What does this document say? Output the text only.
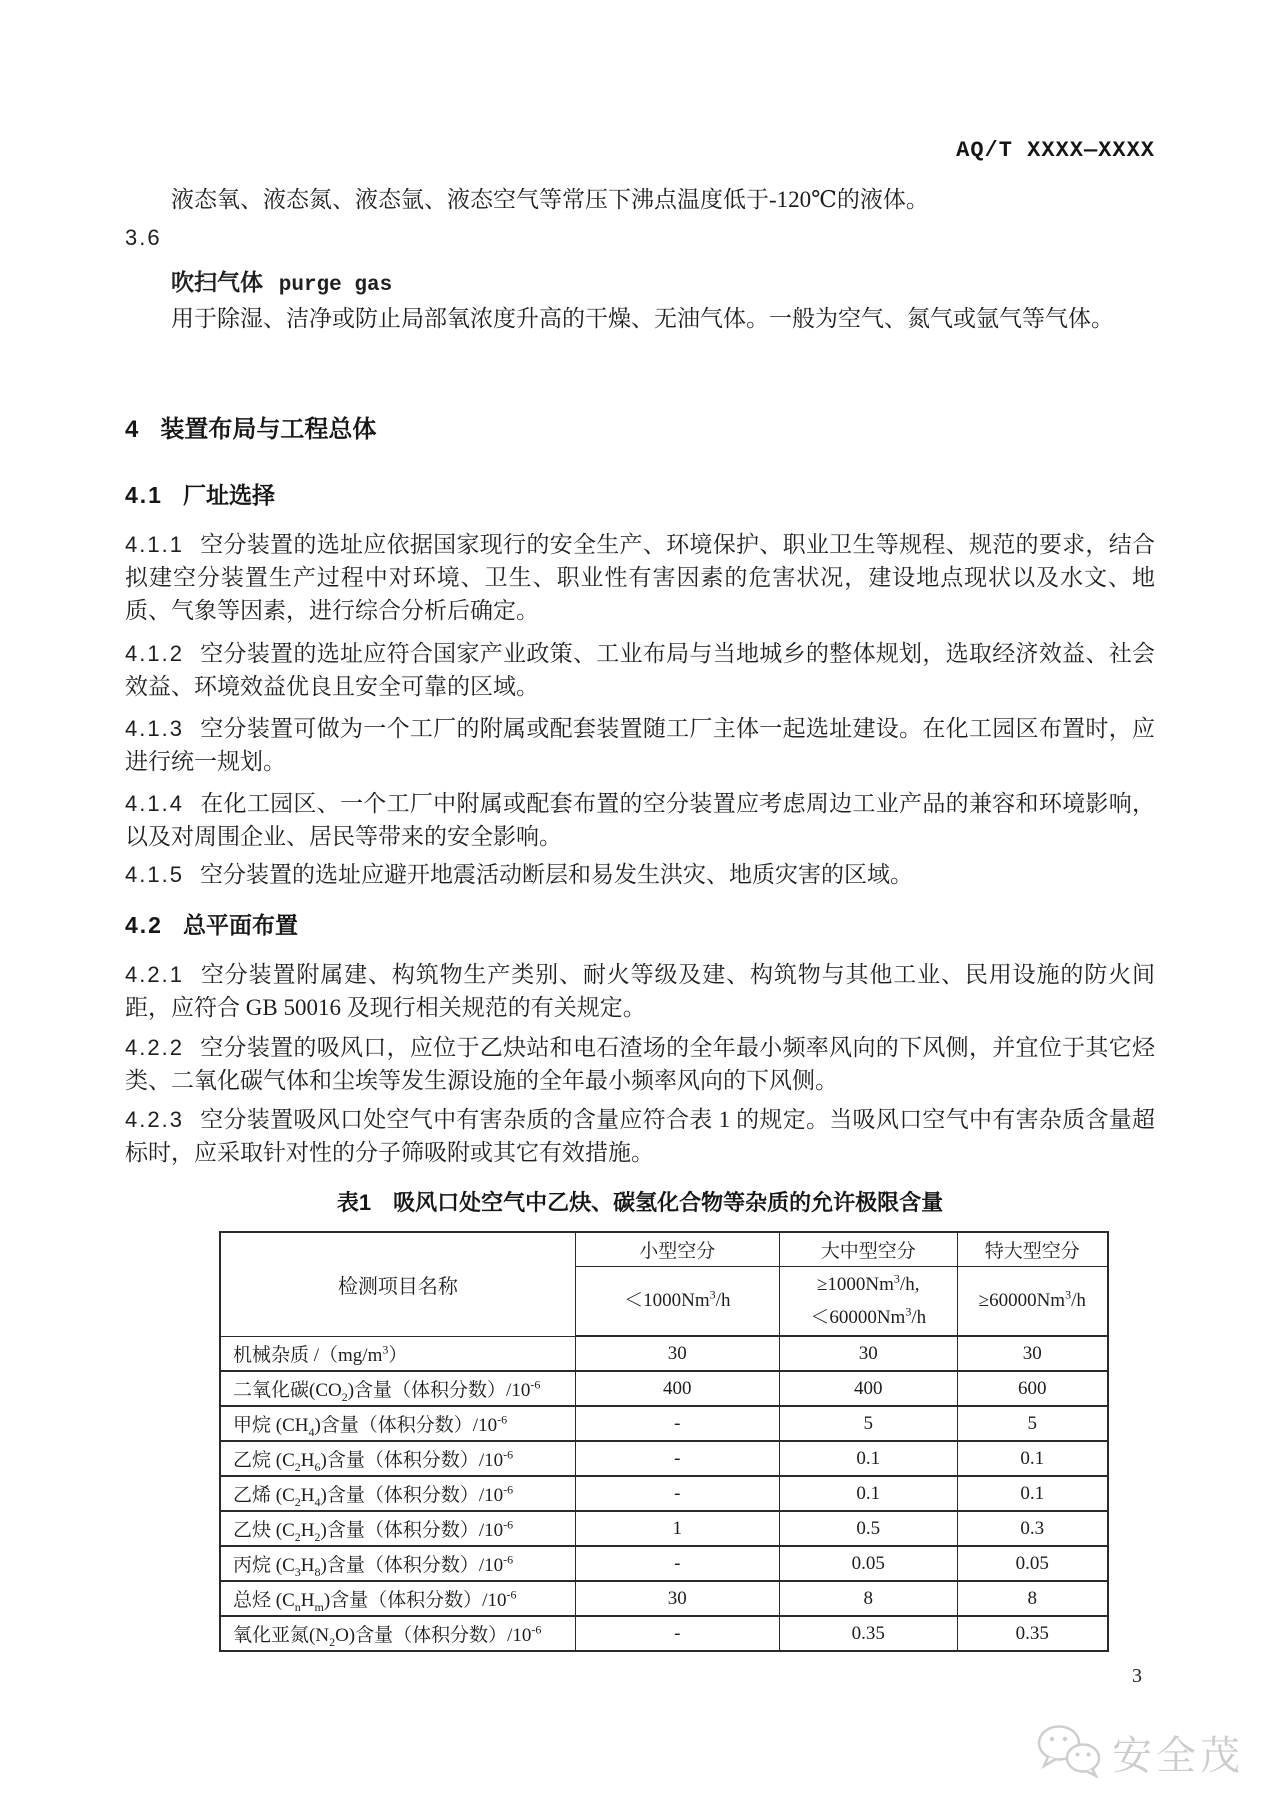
AQ/T XXXX—XXXX

液态氧、液态氮、液态氩、液态空气等常压下沸点温度低于-120℃的液体。

3.6

吹扫气体 purge gas

用于除湿、洁净或防止局部氧浓度升高的干燥、无油气体。一般为空气、氮气或氩气等气体。

4 装置布局与工程总体
4.1 厂址选择

4.1.1 空分装置的选址应依据国家现行的安全生产、环境保护、职业卫生等规程、规范的要求，结合拟建空分装置生产过程中对环境、卫生、职业性有害因素的危害状况，建设地点现状以及水文、地质、气象等因素，进行综合分析后确定。

4.1.2 空分装置的选址应符合国家产业政策、工业布局与当地城乡的整体规划，选取经济效益、社会效益、环境效益优良且安全可靠的区域。

4.1.3 空分装置可做为一个工厂的附属或配套装置随工厂主体一起选址建设。在化工园区布置时，应进行统一规划。

4.1.4 在化工园区、一个工厂中附属或配套布置的空分装置应考虑周边工业产品的兼容和环境影响，以及对周围企业、居民等带来的安全影响。

4.1.5 空分装置的选址应避开地震活动断层和易发生洪灾、地质灾害的区域。

4.2 总平面布置

4.2.1 空分装置附属建、构筑物生产类别、耐火等级及建、构筑物与其他工业、民用设施的防火间距，应符合 GB 50016 及现行相关规范的有关规定。

4.2.2 空分装置的吸风口，应位于乙炔站和电石渣场的全年最小频率风向的下风侧，并宜位于其它烃类、二氧化碳气体和尘埃等发生源设施的全年最小频率风向的下风侧。

4.2.3 空分装置吸风口处空气中有害杂质的含量应符合表 1 的规定。当吸风口空气中有害杂质含量超标时，应采取针对性的分子筛吸附或其它有效措施。

表1 吸风口处空气中乙炔、碳氢化合物等杂质的允许极限含量
检测项目名称	小型空分	大中型空分	特大型空分
	$<1000Nm^3/h$	$\ge 1000Nm^3/h$,
$<60000Nm^3/h$	$\ge 60000Nm^3/h$
机械杂质 $/(mg/m^3)$	30	30	30
二氧化碳$(CO_2)$含量（体积分数）$/10^{-6}$	400	400	600
甲烷 $(CH_4)$含量（体积分数）$/10^{-6}$	-	5	5
乙烷 $(C_2H_6)$含量（体积分数）$/10^{-6}$	-	0.1	0.1
乙烯 $(C_2H_4)$含量（体积分数）$/10^{-6}$	-	0.1	0.1
乙炔 $(C_2H_2)$含量（体积分数）$/10^{-6}$	1	0.5	0.3
丙烷 $(C_3H_8)$含量（体积分数）$/10^{-6}$	-	0.05	0.05
总烃 $(C_nH_m)$含量（体积分数）$/10^{-6}$	30	8	8
氧化亚氮$(N_2O)$含量（体积分数）$/10^{-6}$	-	0.35	0.35
3
安全茂
